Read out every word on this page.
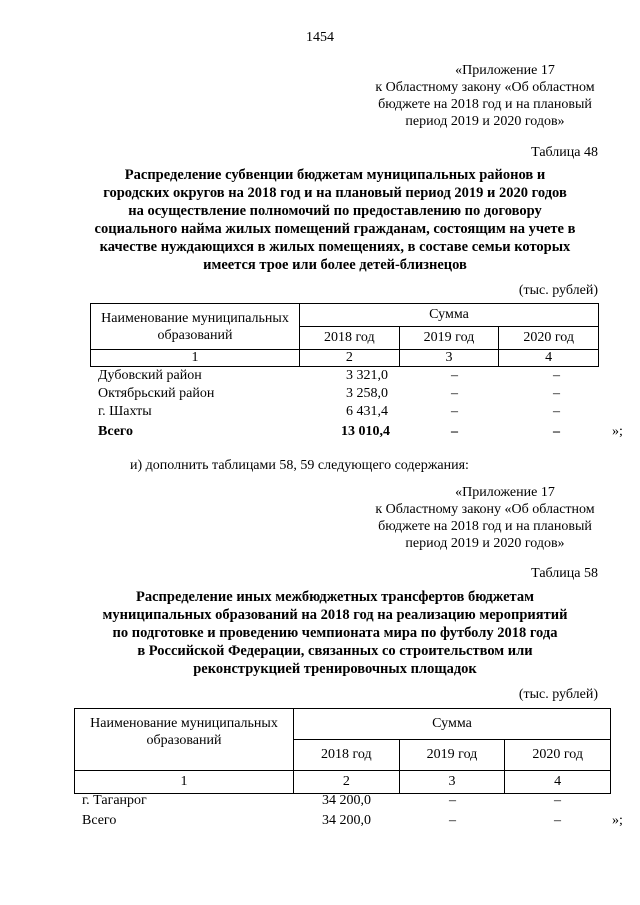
1454
«Приложение 17
к Областному закону «Об областном
бюджете на 2018 год и на плановый
период 2019 и 2020 годов»
Таблица 48
Распределение субвенции бюджетам муниципальных районов и
городских округов на 2018 год и на плановый период 2019 и 2020 годов
на осуществление полномочий по предоставлению по договору
социального найма жилых помещений гражданам, состоящим на учете в
качестве нуждающихся в жилых помещениях, в составе семьи которых
имеется трое или более детей-близнецов
(тыс. рублей)
Наименование муниципальных образований	Сумма		
	2018 год	2019 год	2020 год
1	2	3	4
Дубовский район	3 321,0	–	–
Октябрьский район	3 258,0	–	–
г. Шахты	6 431,4	–	–
Всего	13 010,4	–	–	»;
и) дополнить таблицами 58, 59 следующего содержания:
«Приложение 17
к Областному закону «Об областном
бюджете на 2018 год и на плановый
период 2019 и 2020 годов»
Таблица 58
Распределение иных межбюджетных трансфертов бюджетам
муниципальных образований на 2018 год на реализацию мероприятий
по подготовке и проведению чемпионата мира по футболу 2018 года
в Российской Федерации, связанных со строительством или
реконструкцией тренировочных площадок
(тыс. рублей)
Наименование муниципальных образований	Сумма		
	2018 год	2019 год	2020 год
1	2	3	4
г. Таганрог	34 200,0	–	–
Всего	34 200,0	–	–	»;
